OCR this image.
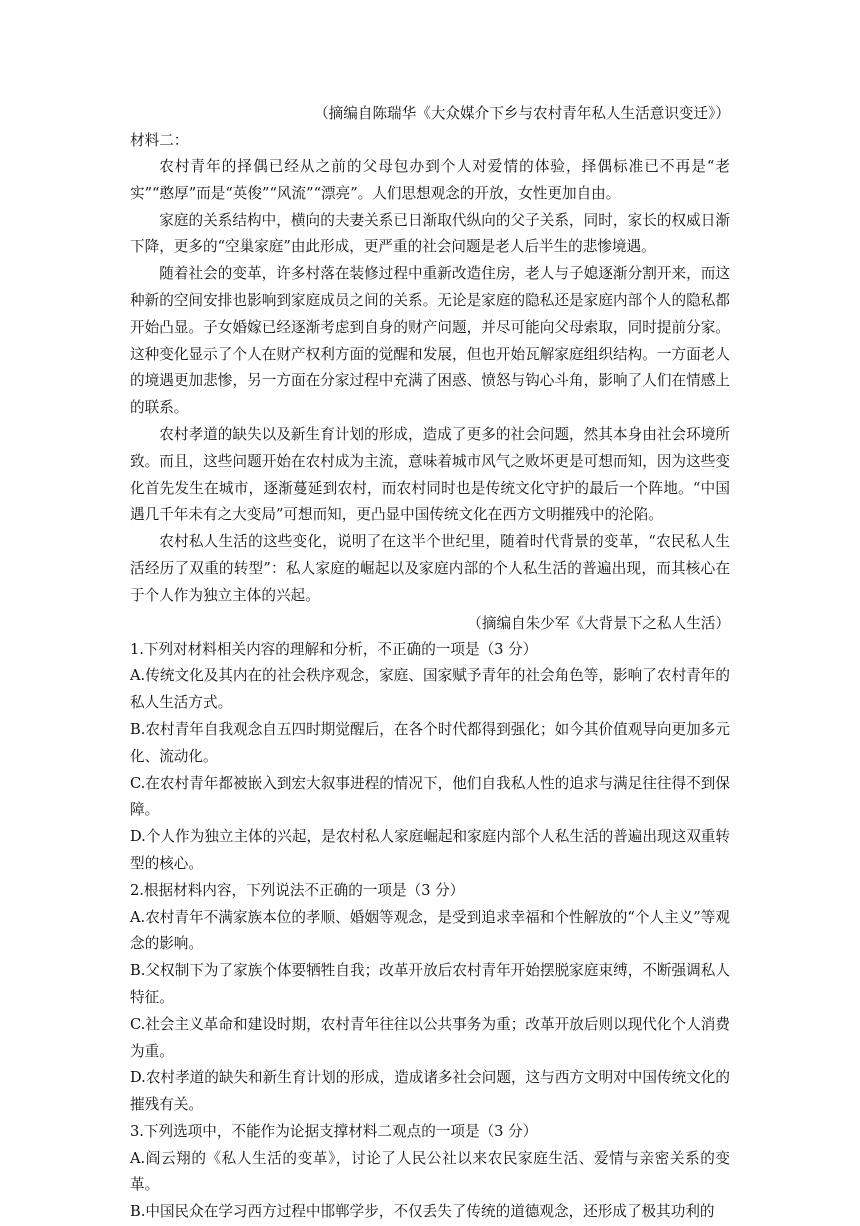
（摘编自陈瑞华《大众媒介下乡与农村青年私人生活意识变迁》）

材料二：

农村青年的择偶已经从之前的父母包办到个人对爱情的体验，择偶标准已不再是“老实”“憨厚”而是“英俊”“风流”“漂亮”。人们思想观念的开放，女性更加自由。

家庭的关系结构中，横向的夫妻关系已日渐取代纵向的父子关系，同时，家长的权威日渐下降，更多的“空巢家庭”由此形成，更严重的社会问题是老人后半生的悲惨境遇。

随着社会的变革，许多村落在装修过程中重新改造住房，老人与子媳逐渐分割开来，而这种新的空间安排也影响到家庭成员之间的关系。无论是家庭的隐私还是家庭内部个人的隐私都开始凸显。子女婚嫁已经逐渐考虑到自身的财产问题，并尽可能向父母索取，同时提前分家。这种变化显示了个人在财产权利方面的觉醒和发展，但也开始瓦解家庭组织结构。一方面老人的境遇更加悲惨，另一方面在分家过程中充满了困惑、愤怒与钩心斗角，影响了人们在情感上的联系。

农村孝道的缺失以及新生育计划的形成，造成了更多的社会问题，然其本身由社会环境所致。而且，这些问题开始在农村成为主流，意味着城市风气之败坏更是可想而知，因为这些变化首先发生在城市，逐渐蔓延到农村，而农村同时也是传统文化守护的最后一个阵地。“中国遇几千年未有之大变局”可想而知，更凸显中国传统文化在西方文明摧残中的沦陷。

农村私人生活的这些变化，说明了在这半个世纪里，随着时代背景的变革，“农民私人生活经历了双重的转型”：私人家庭的崛起以及家庭内部的个人私生活的普遍出现，而其核心在于个人作为独立主体的兴起。

（摘编自朱少军《大背景下之私人生活）

1.下列对材料相关内容的理解和分析，不正确的一项是（3 分）

A.传统文化及其内在的社会秩序观念，家庭、国家赋予青年的社会角色等，影响了农村青年的私人生活方式。

B.农村青年自我观念自五四时期觉醒后，在各个时代都得到强化；如今其价值观导向更加多元化、流动化。

C.在农村青年都被嵌入到宏大叙事进程的情况下，他们自我私人性的追求与满足往往得不到保障。

D.个人作为独立主体的兴起，是农村私人家庭崛起和家庭内部个人私生活的普遍出现这双重转型的核心。

2.根据材料内容，下列说法不正确的一项是（3 分）

A.农村青年不满家族本位的孝顺、婚姻等观念，是受到追求幸福和个性解放的“个人主义”等观念的影响。

B.父权制下为了家族个体要牺牲自我；改革开放后农村青年开始摆脱家庭束缚，不断强调私人特征。

C.社会主义革命和建设时期，农村青年往往以公共事务为重；改革开放后则以现代化个人消费为重。

D.农村孝道的缺失和新生育计划的形成，造成诸多社会问题，这与西方文明对中国传统文化的摧残有关。

3.下列选项中，不能作为论据支撑材料二观点的一项是（3 分）

A.阎云翔的《私人生活的变革》，讨论了人民公社以来农民家庭生活、爱情与亲密关系的变革。

B.中国民众在学习西方过程中邯郸学步，不仅丢失了传统的道德观念，还形成了极其功利的
